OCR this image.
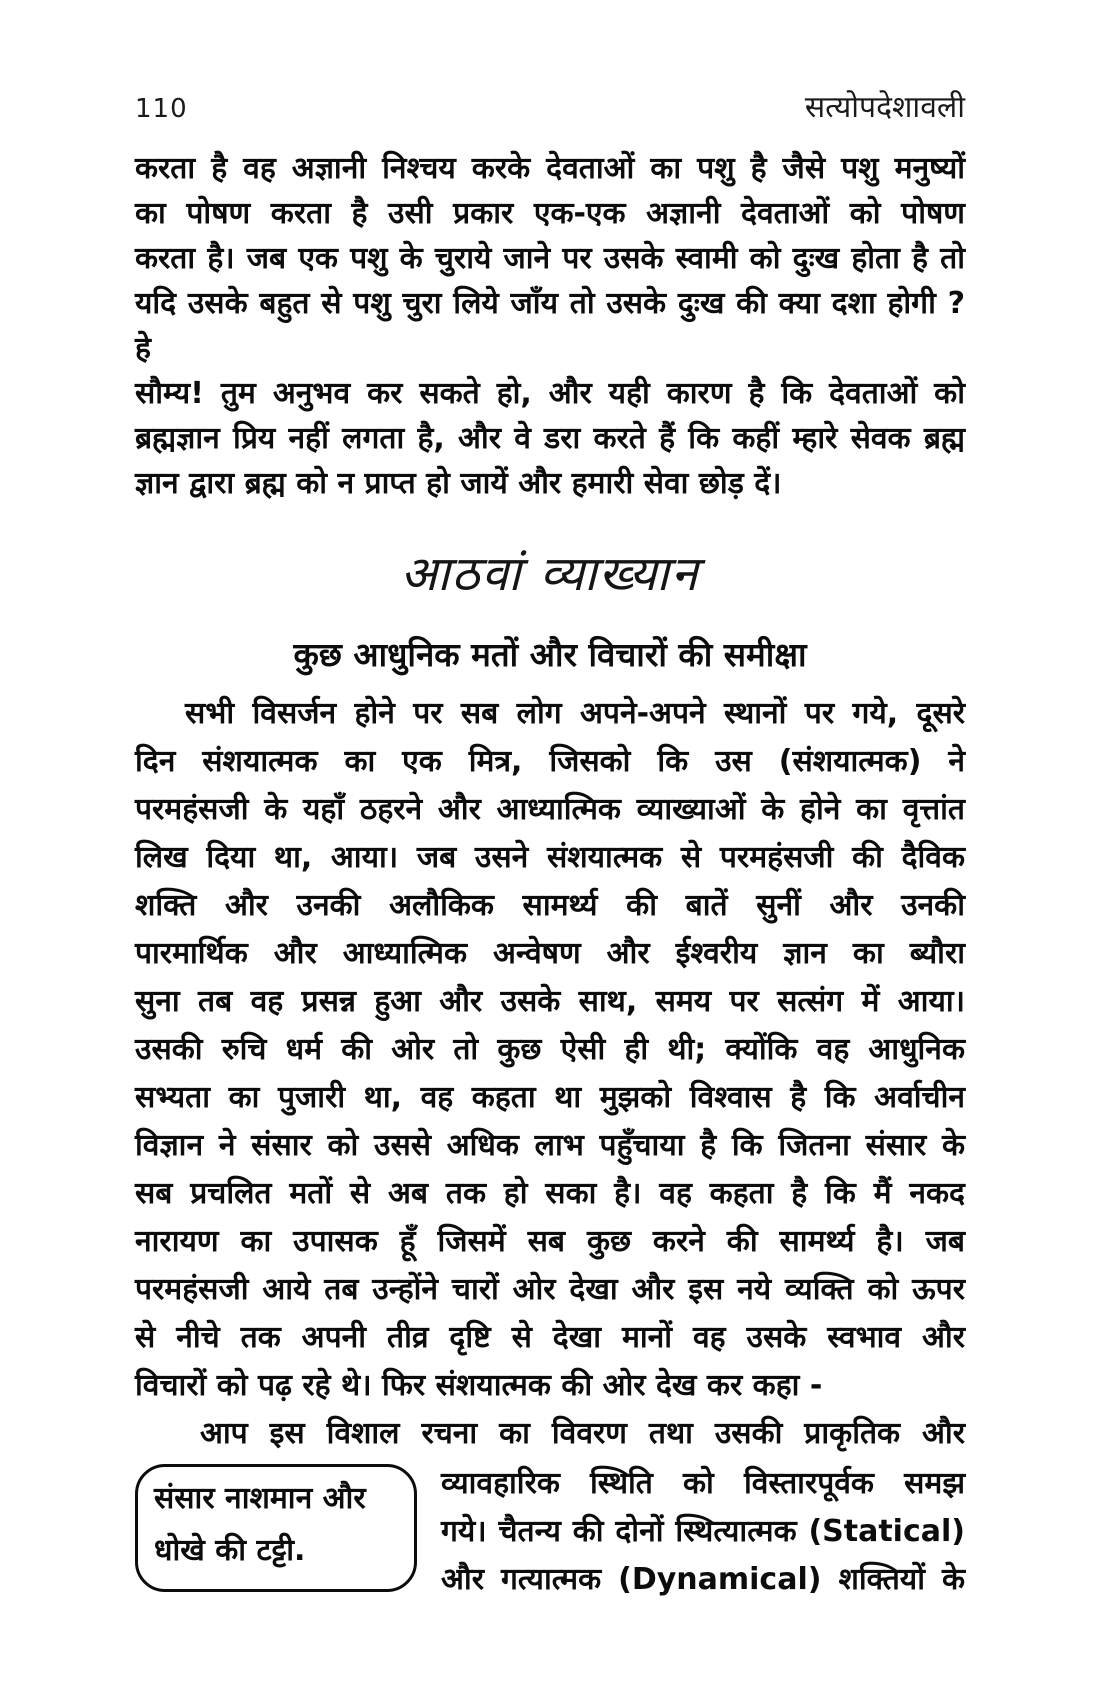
110	सत्योपदेशावली
करता है वह अज्ञानी निश्चय करके देवताओं का पशु है जैसे पशु मनुष्यों
का पोषण करता है उसी प्रकार एक-एक अज्ञानी देवताओं को पोषण
करता है। जब एक पशु के चुराये जाने पर उसके स्वामी को दुःख होता है तो
यदि उसके बहुत से पशु चुरा लिये जाँय तो उसके दुःख की क्या दशा होगी ? हे
सौम्य! तुम अनुभव कर सकते हो, और यही कारण है कि देवताओं को
ब्रह्मज्ञान प्रिय नहीं लगता है, और वे डरा करते हैं कि कहीं म्हारे सेवक ब्रह्म
ज्ञान द्वारा ब्रह्म को न प्राप्त हो जायें और हमारी सेवा छोड़ दें।
आठवां व्याख्यान
कुछ आधुनिक मतों और विचारों की समीक्षा
सभी विसर्जन होने पर सब लोग अपने-अपने स्थानों पर गये, दूसरे
दिन संशयात्मक का एक मित्र, जिसको कि उस (संशयात्मक) ने
परमहंसजी के यहाँ ठहरने और आध्यात्मिक व्याख्याओं के होने का वृत्तांत
लिख दिया था, आया। जब उसने संशयात्मक से परमहंसजी की दैविक
शक्ति और उनकी अलौकिक सामर्थ्य की बातें सुनीं और उनकी
पारमार्थिक और आध्यात्मिक अन्वेषण और ईश्वरीय ज्ञान का ब्यौरा
सुना तब वह प्रसन्न हुआ और उसके साथ, समय पर सत्संग में आया।
उसकी रुचि धर्म की ओर तो कुछ ऐसी ही थी; क्योंकि वह आधुनिक
सभ्यता का पुजारी था, वह कहता था मुझको विश्वास है कि अर्वाचीन
विज्ञान ने संसार को उससे अधिक लाभ पहुँचाया है कि जितना संसार के
सब प्रचलित मतों से अब तक हो सका है। वह कहता है कि मैं नकद
नारायण का उपासक हूँ जिसमें सब कुछ करने की सामर्थ्य है। जब
परमहंसजी आये तब उन्होंने चारों ओर देखा और इस नये व्यक्ति को ऊपर
से नीचे तक अपनी तीव्र दृष्टि से देखा मानों वह उसके स्वभाव और
विचारों को पढ़ रहे थे। फिर संशयात्मक की ओर देख कर कहा -
आप इस विशाल रचना का विवरण तथा उसकी प्राकृतिक और
संसार नाशमान और
धोखे की टट्टी.
व्यावहारिक स्थिति को विस्तारपूर्वक समझ
गये। चैतन्य की दोनों स्थित्यात्मक (Statical)
और गत्यात्मक (Dynamical) शक्तियों के
